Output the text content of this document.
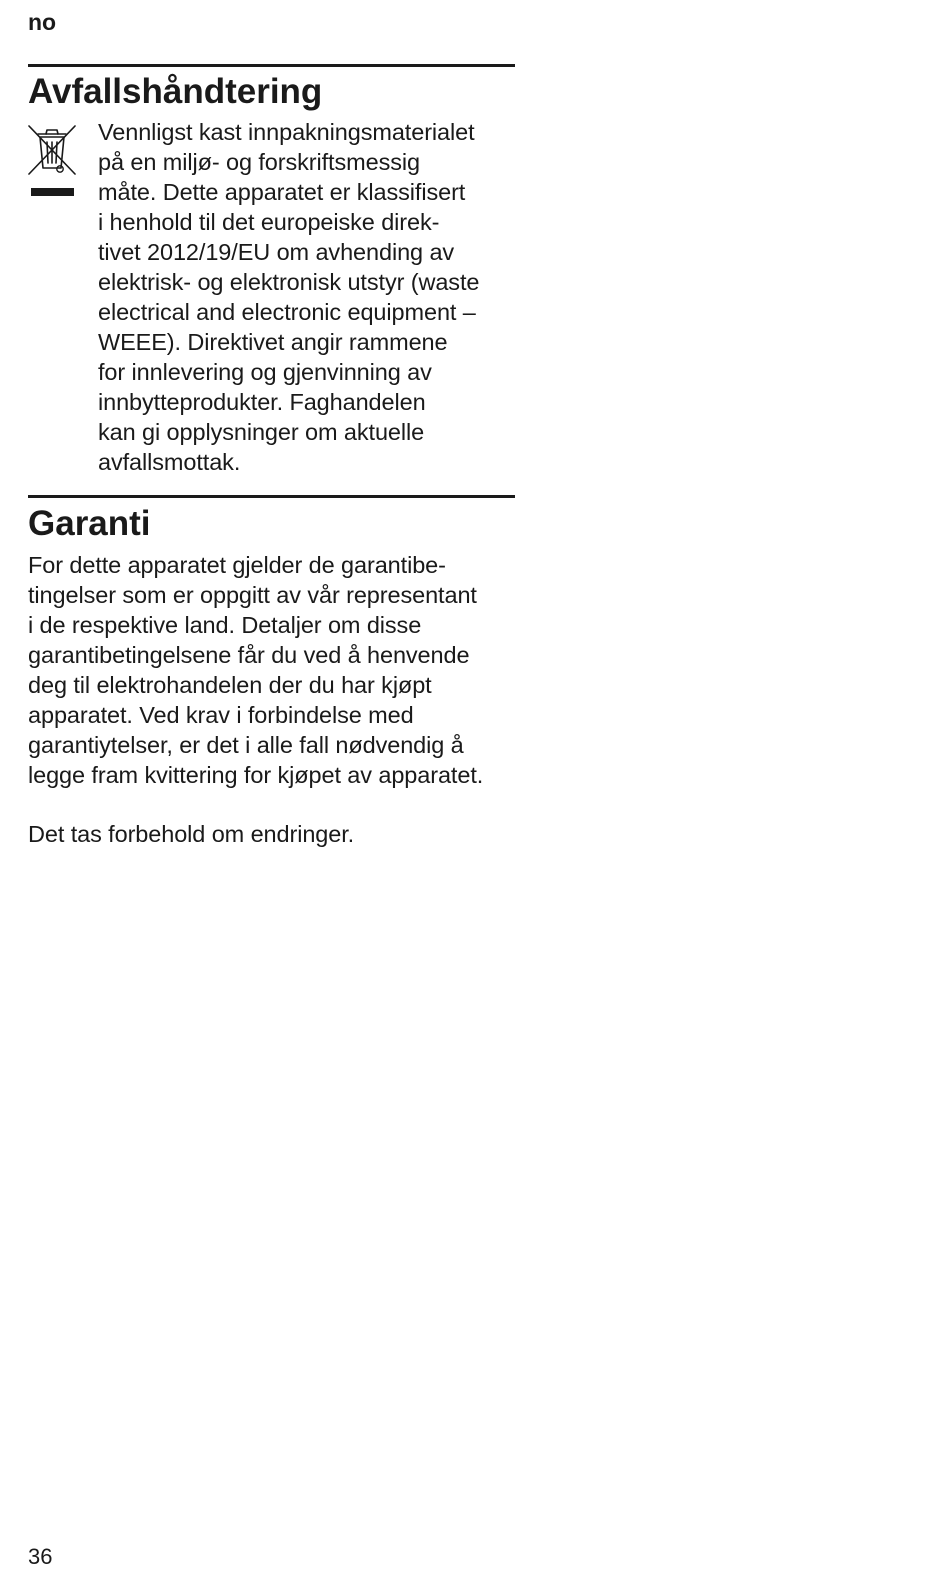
no
Avfallshåndtering
Vennligst kast innpakningsmaterialet
på en miljø- og forskriftsmessig
måte. Dette apparatet er klassifisert
i henhold til det europeiske direk-
tivet 2012/19/EU om avhending av
elektrisk- og elektronisk utstyr (waste
electrical and electronic equipment –
WEEE). Direktivet angir rammene
for innlevering og gjenvinning av
innbytteprodukter. Faghandelen
kan gi opplysninger om aktuelle
avfallsmottak.
Garanti
For dette apparatet gjelder de garantibe-
tingelser som er oppgitt av vår representant
i de respektive land. Detaljer om disse
garantibetingelsene får du ved å henvende
deg til elektrohandelen der du har kjøpt
apparatet. Ved krav i forbindelse med
garantiytelser, er det i alle fall nødvendig å
legge fram kvittering for kjøpet av apparatet.
Det tas forbehold om endringer.
36
